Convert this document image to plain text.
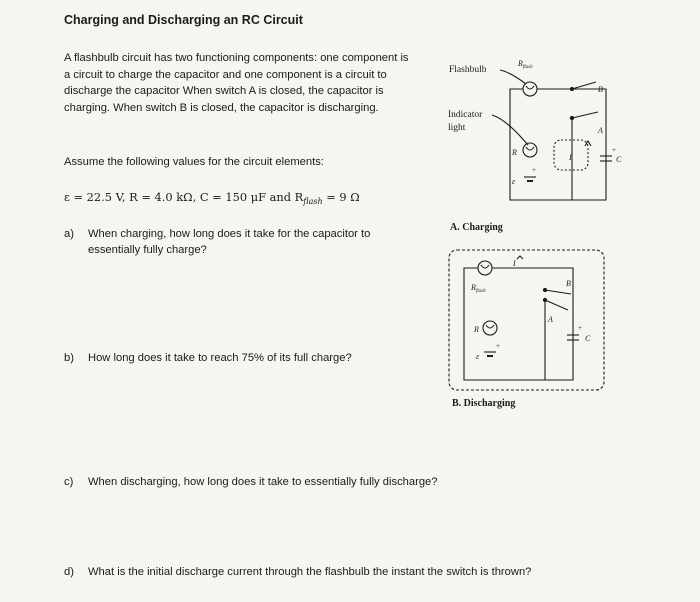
Charging and Discharging an RC Circuit
A flashbulb circuit has two functioning components: one component is a circuit to charge the capacitor and one component is a circuit to discharge the capacitor When switch A is closed, the capacitor is charging. When switch B is closed, the capacitor is discharging.
Assume the following values for the circuit elements:
ε = 22.5 V, R = 4.0 kΩ, C = 150 μF and $R_{flash} = 9$ Ω
a) When charging, how long does it take for the capacitor to
essentially fully charge?
b) How long does it take to reach 75% of its full charge?
c) When discharging, how long does it take to essentially fully discharge?
d) What is the initial discharge current through the flashbulb the instant the switch is thrown?
Flashbulb
Indicator
light
A. Charging
B. Discharging
$R_{flash}$
R
ε
+
C
+
A
B
I
$R_{flash}$
R
ε
+
C
+
A
B
I
